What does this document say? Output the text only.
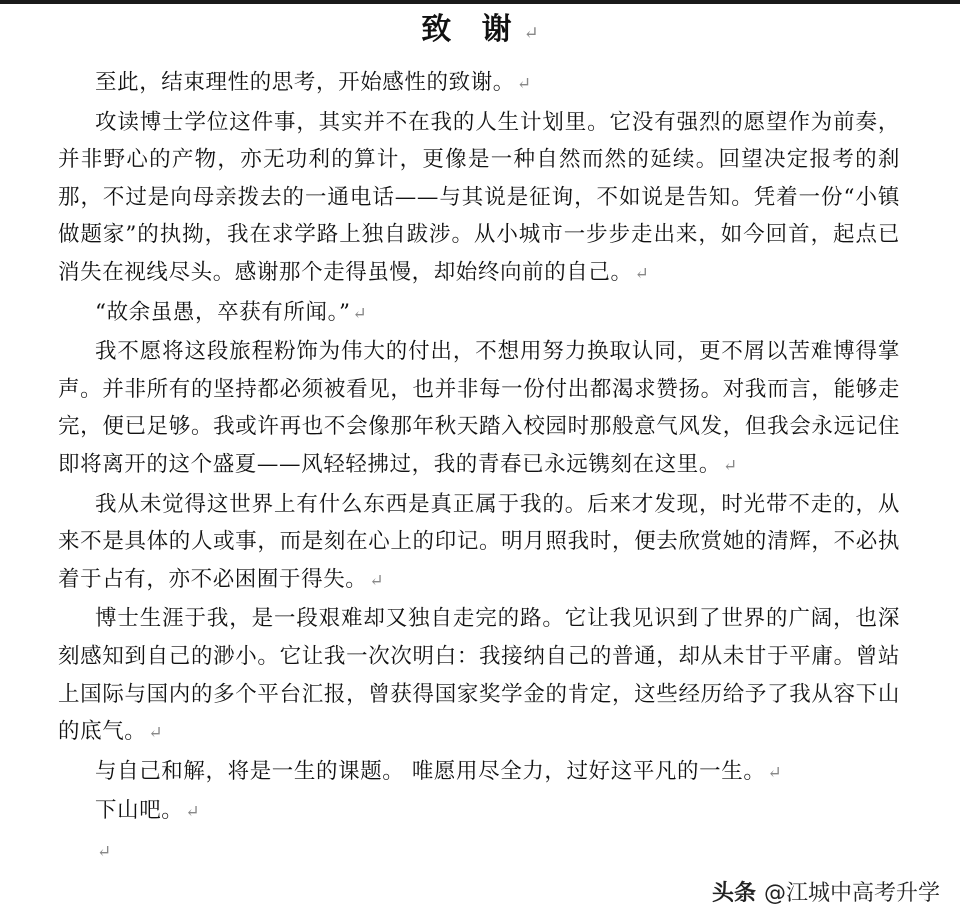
致 谢 ↵

至此，结束理性的思考，开始感性的致谢。 ↵

攻读博士学位这件事，其实并不在我的人生计划里。它没有强烈的愿望作为前奏，并非野心的产物，亦无功利的算计，更像是一种自然而然的延续。回望决定报考的刹那，不过是向母亲拨去的一通电话——与其说是征询，不如说是告知。凭着一份“小镇做题家”的执拗，我在求学路上独自跋涉。从小城市一步步走出来，如今回首，起点已消失在视线尽头。感谢那个走得虽慢，却始终向前的自己。 ↵

“故余虽愚，卒获有所闻。” ↵

我不愿将这段旅程粉饰为伟大的付出，不想用努力换取认同，更不屑以苦难博得掌声。并非所有的坚持都必须被看见，也并非每一份付出都渴求赞扬。对我而言，能够走完，便已足够。我或许再也不会像那年秋天踏入校园时那般意气风发，但我会永远记住即将离开的这个盛夏——风轻轻拂过，我的青春已永远镌刻在这里。 ↵

我从未觉得这世界上有什么东西是真正属于我的。后来才发现，时光带不走的，从来不是具体的人或事，而是刻在心上的印记。明月照我时，便去欣赏她的清辉，不必执着于占有，亦不必困囿于得失。 ↵

博士生涯于我，是一段艰难却又独自走完的路。它让我见识到了世界的广阔，也深刻感知到自己的渺小。它让我一次次明白：我接纳自己的普通，却从未甘于平庸。曾站上国际与国内的多个平台汇报，曾获得国家奖学金的肯定，这些经历给予了我从容下山的底气。 ↵

与自己和解，将是一生的课题。 唯愿用尽全力，过好这平凡的一生。 ↵

下山吧。 ↵

↵

头条 @江城中高考升学
